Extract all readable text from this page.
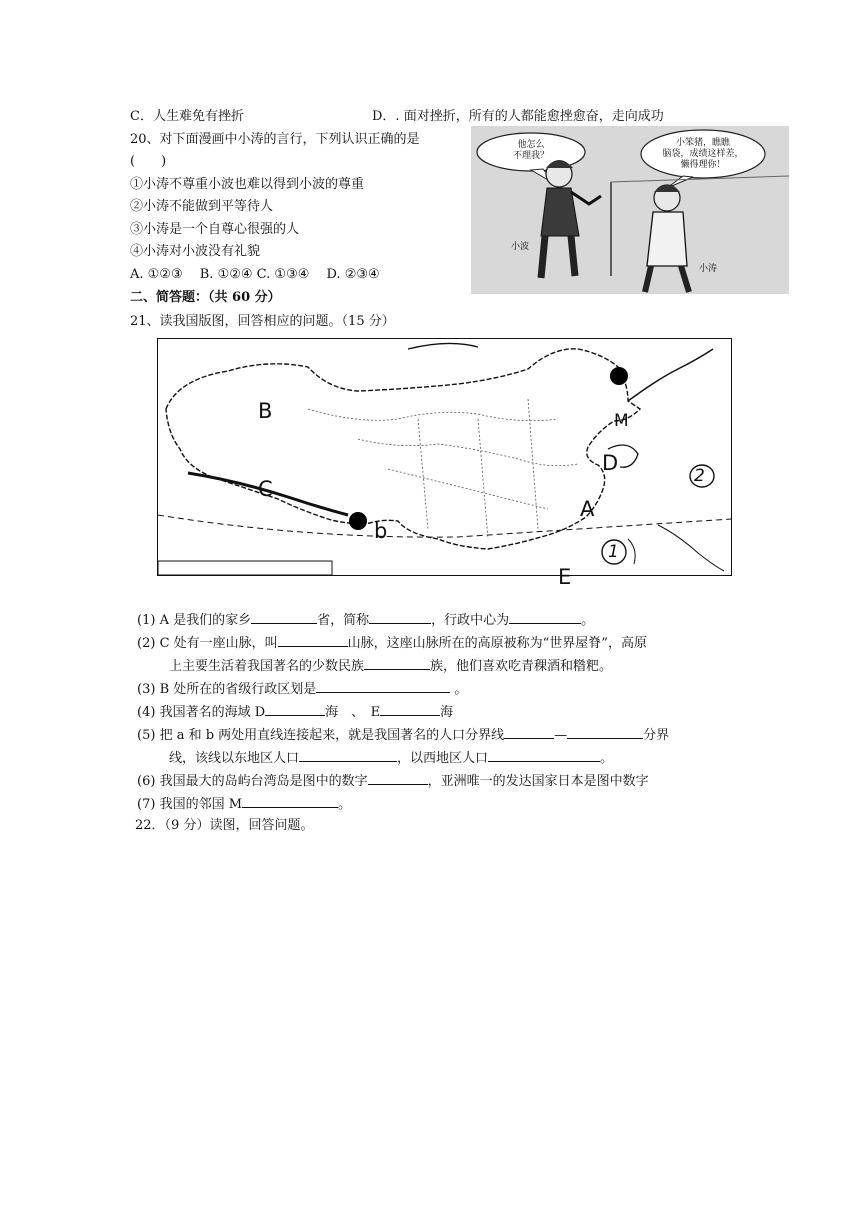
C．人生难免有挫折	D．. 面对挫折，所有的人都能愈挫愈奋，走向成功
20、对下面漫画中小涛的言行，下列认识正确的是
(　　)
①小涛不尊重小波也难以得到小波的尊重
②小涛不能做到平等待人
③小涛是一个自尊心很强的人
④小涛对小波没有礼貌
A. ①②③　 B. ①②④ C. ①③④　 D. ②③④
他怎么
不理我？
小笨猪，瞧瞧
脑袋，成绩这样差，
懒得理你！
小波
小涛
二、简答题：（共 60 分）
21、读我国版图，回答相应的问题。（15 分）
B
C
b
M
D
A
2
1
E
(1) A 是我们的家乡	省，简称	，行政中心为	。
(2) C 处有一座山脉，叫	山脉，这座山脉所在的高原被称为“世界屋脊”，高原
上主要生活着我国著名的少数民族	族，他们喜欢吃青稞酒和糌粑。
(3) B 处所在的省级行政区划是	。
(4) 我国著名的海域 D	海　、　E	海
(5) 把 a 和 b 两处用直线连接起来，就是我国著名的人口分界线	—	分界
线，该线以东地区人口	，以西地区人口	。
(6) 我国最大的岛屿台湾岛是图中的数字	，亚洲唯一的发达国家日本是图中数字
(7) 我国的邻国 M	。
22．（9 分）读图，回答问题。
